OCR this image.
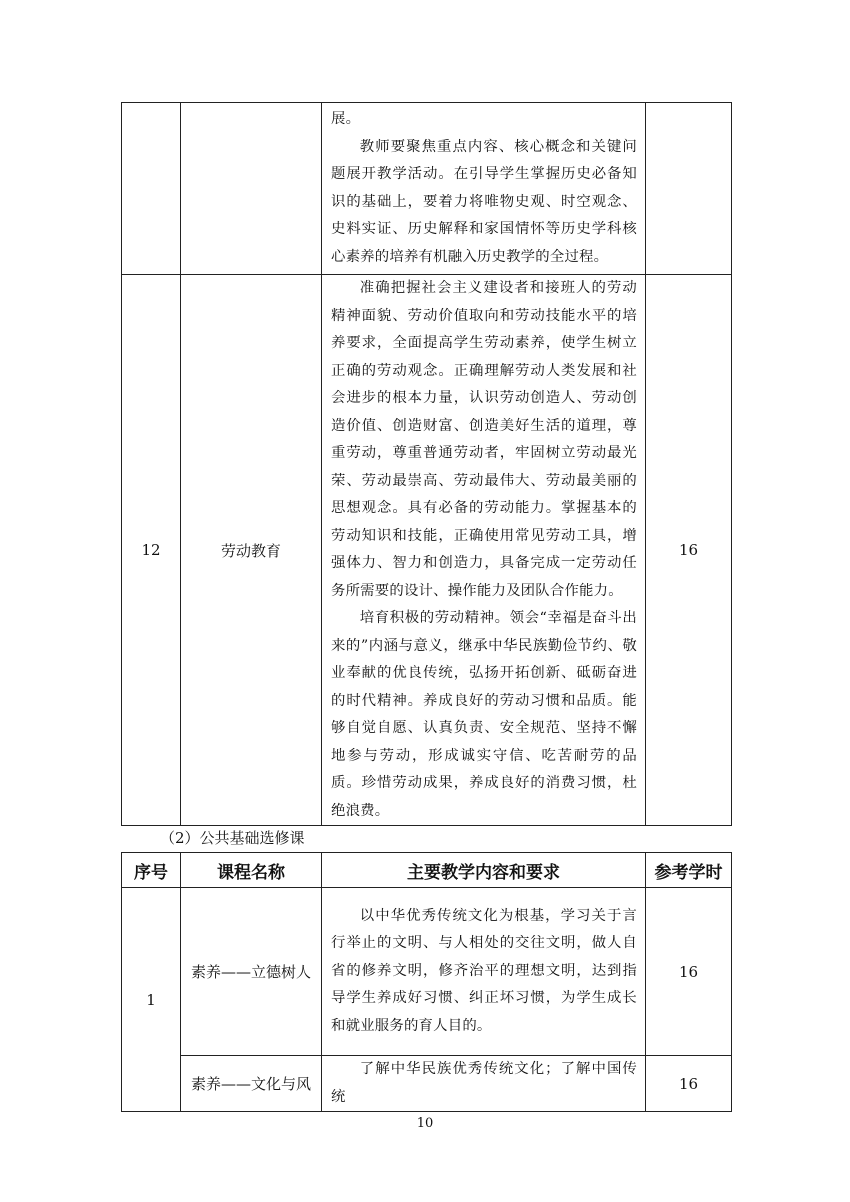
		展。

教师要聚焦重点内容、核心概念和关键问题展开教学活动。在引导学生掌握历史必备知识的基础上，要着力将唯物史观、时空观念、史料实证、历史解释和家国情怀等历史学科核心素养的培养有机融入历史教学的全过程。	

12	劳动教育	准确把握社会主义建设者和接班人的劳动精神面貌、劳动价值取向和劳动技能水平的培养要求，全面提高学生劳动素养，使学生树立正确的劳动观念。正确理解劳动人类发展和社会进步的根本力量，认识劳动创造人、劳动创造价值、创造财富、创造美好生活的道理，尊重劳动，尊重普通劳动者，牢固树立劳动最光荣、劳动最崇高、劳动最伟大、劳动最美丽的思想观念。具有必备的劳动能力。掌握基本的劳动知识和技能，正确使用常见劳动工具，增强体力、智力和创造力，具备完成一定劳动任务所需要的设计、操作能力及团队合作能力。

培育积极的劳动精神。领会“幸福是奋斗出来的”内涵与意义，继承中华民族勤俭节约、敬业奉献的优良传统，弘扬开拓创新、砥砺奋进的时代精神。养成良好的劳动习惯和品质。能够自觉自愿、认真负责、安全规范、坚持不懈地参与劳动，形成诚实守信、吃苦耐劳的品质。珍惜劳动成果，养成良好的消费习惯，杜绝浪费。	16
（2）公共基础选修课
序号	课程名称	主要教学内容和要求	参考学时
1	素养——立德树人	以中华优秀传统文化为根基，学习关于言行举止的文明、与人相处的交往文明，做人自省的修养文明，修齐治平的理想文明，达到指导学生养成好习惯、纠正坏习惯，为学生成长和就业服务的育人目的。	16
	素养——文化与风	了解中华民族优秀传统文化；了解中国传统	16
10
